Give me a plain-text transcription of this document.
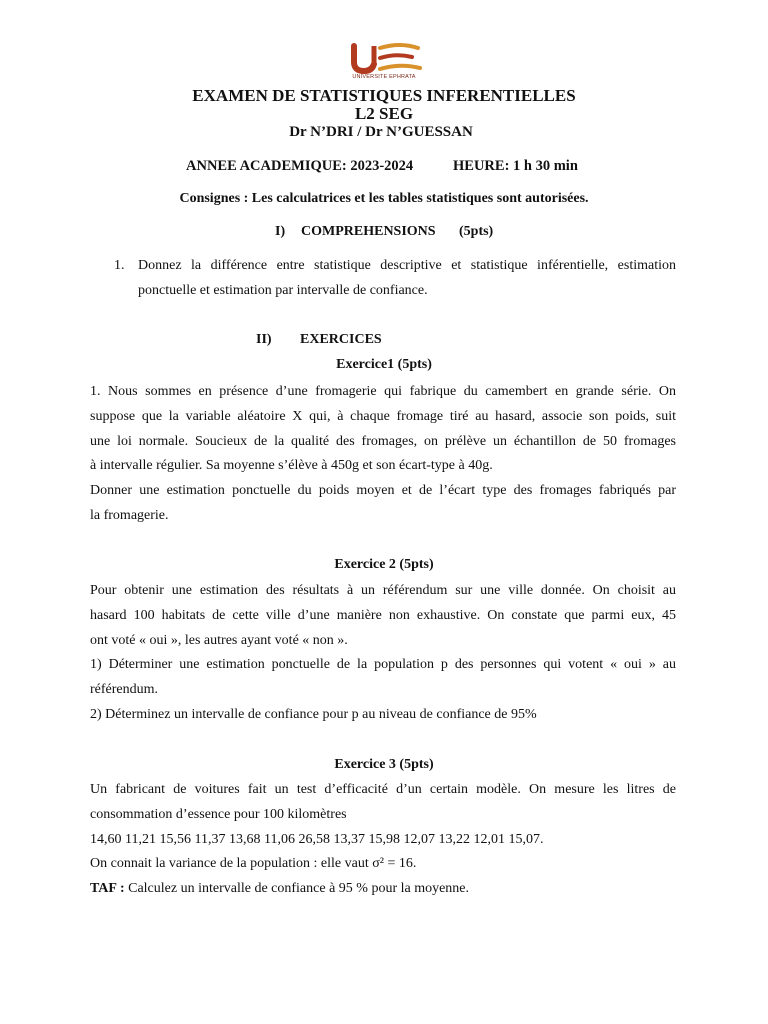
UNIVERSITE EPHRATA
EXAMEN DE STATISTIQUES INFERENTIELLES
L2 SEG
Dr N’DRI / Dr N’GUESSAN
ANNEE ACADEMIQUE: 2023-2024	HEURE: 1 h 30 min
Consignes : Les calculatrices et les tables statistiques sont autorisées.
I) COMPREHENSIONS (5pts)
1. Donnez la différence entre statistique descriptive et statistique inférentielle, estimation
ponctuelle et estimation par intervalle de confiance.
II) EXERCICES
Exercice1 (5pts)
1. Nous sommes en présence d’une fromagerie qui fabrique du camembert en grande série. On
suppose que la variable aléatoire X qui, à chaque fromage tiré au hasard, associe son poids, suit
une loi normale. Soucieux de la qualité des fromages, on prélève un échantillon de 50 fromages
à intervalle régulier. Sa moyenne s’élève à 450g et son écart-type à 40g.
Donner une estimation ponctuelle du poids moyen et de l’écart type des fromages fabriqués par
la fromagerie.
Exercice 2 (5pts)
Pour obtenir une estimation des résultats à un référendum sur une ville donnée. On choisit au
hasard 100 habitats de cette ville d’une manière non exhaustive. On constate que parmi eux, 45
ont voté « oui », les autres ayant voté « non ».
1) Déterminer une estimation ponctuelle de la population p des personnes qui votent « oui » au
référendum.
2) Déterminez un intervalle de confiance pour p au niveau de confiance de 95%
Exercice 3 (5pts)
Un fabricant de voitures fait un test d’efficacité d’un certain modèle. On mesure les litres de
consommation d’essence pour 100 kilomètres
14,60 11,21 15,56 11,37 13,68 11,06 26,58 13,37 15,98 12,07 13,22 12,01 15,07.
On connait la variance de la population : elle vaut σ² = 16.
TAF : Calculez un intervalle de confiance à 95 % pour la moyenne.
